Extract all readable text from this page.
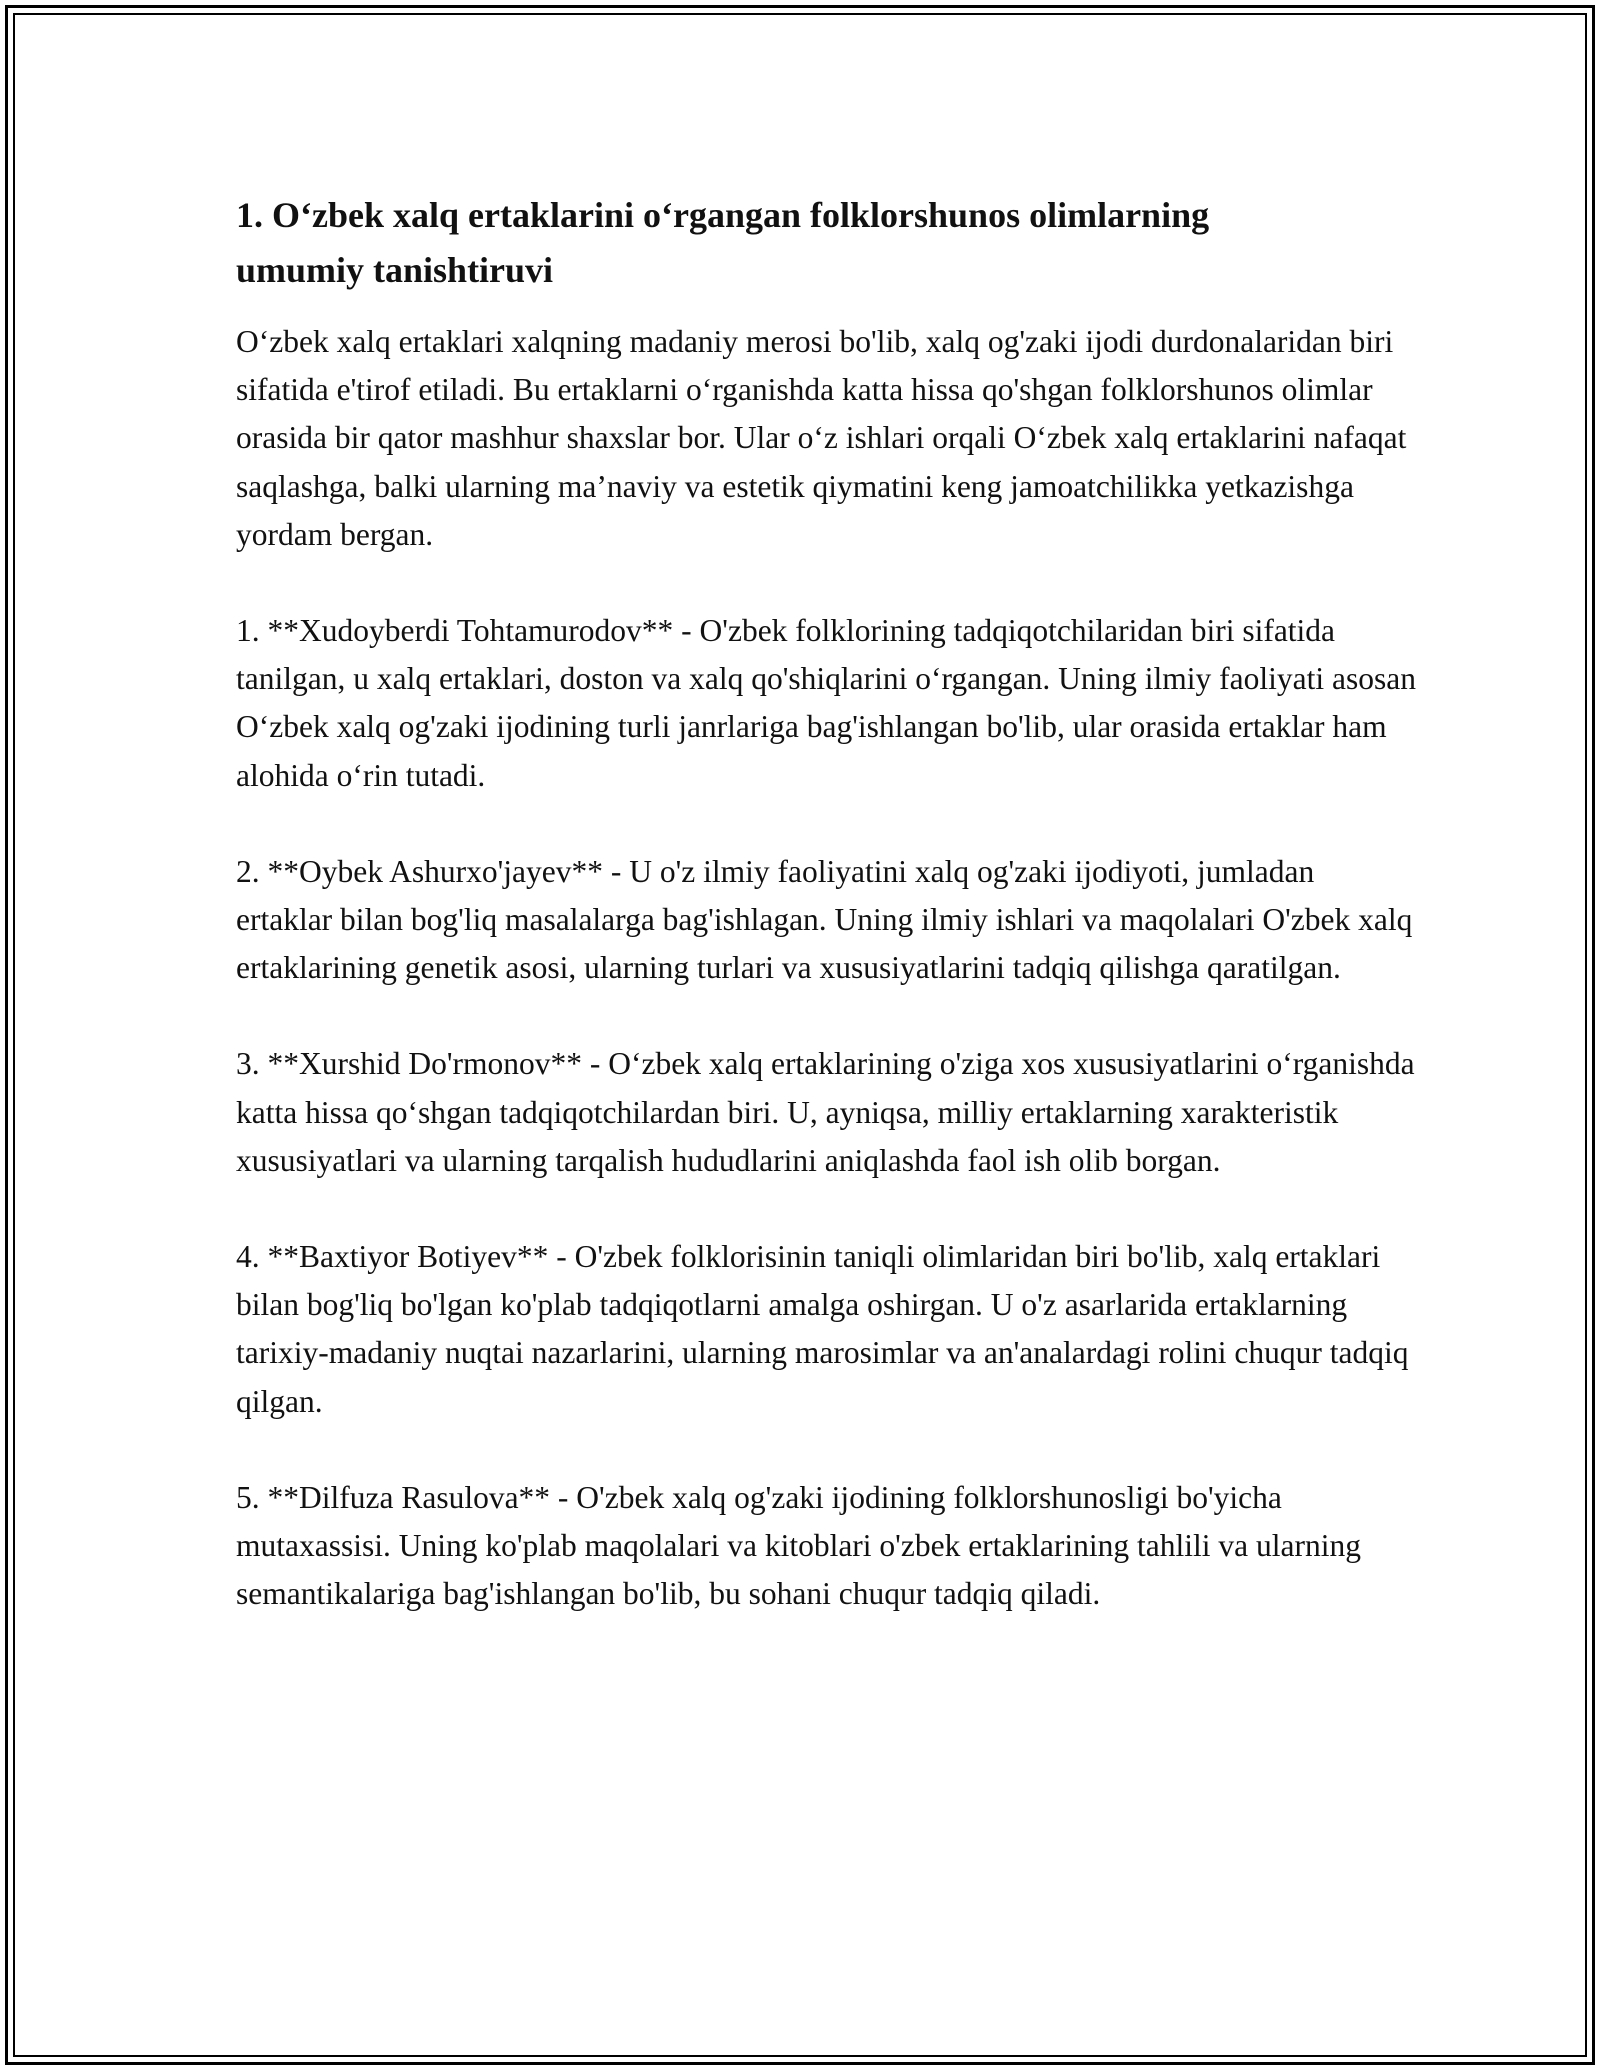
1. O‘zbek xalq ertaklarini o‘rgangan folklorshunos olimlarning umumiy tanishtiruvi

O‘zbek xalq ertaklari xalqning madaniy merosi bo'lib, xalq og'zaki ijodi durdonalaridan biri sifatida e'tirof etiladi. Bu ertaklarni o‘rganishda katta hissa qo'shgan folklorshunos olimlar orasida bir qator mashhur shaxslar bor. Ular o‘z ishlari orqali O‘zbek xalq ertaklarini nafaqat saqlashga, balki ularning ma’naviy va estetik qiymatini keng jamoatchilikka yetkazishga yordam bergan.

1. **Xudoyberdi Tohtamurodov** - O'zbek folklorining tadqiqotchilaridan biri sifatida tanilgan, u xalq ertaklari, doston va xalq qo'shiqlarini o‘rgangan. Uning ilmiy faoliyati asosan O‘zbek xalq og'zaki ijodining turli janrlariga bag'ishlangan bo'lib, ular orasida ertaklar ham alohida o‘rin tutadi.

2. **Oybek Ashurxo'jayev** - U o'z ilmiy faoliyatini xalq og'zaki ijodiyoti, jumladan ertaklar bilan bog'liq masalalarga bag'ishlagan. Uning ilmiy ishlari va maqolalari O'zbek xalq ertaklarining genetik asosi, ularning turlari va xususiyatlarini tadqiq qilishga qaratilgan.

3. **Xurshid Do'rmonov** - O‘zbek xalq ertaklarining o'ziga xos xususiyatlarini o‘rganishda katta hissa qo‘shgan tadqiqotchilardan biri. U, ayniqsa, milliy ertaklarning xarakteristik xususiyatlari va ularning tarqalish hududlarini aniqlashda faol ish olib borgan.

4. **Baxtiyor Botiyev** - O'zbek folklorisinin taniqli olimlaridan biri bo'lib, xalq ertaklari bilan bog'liq bo'lgan ko'plab tadqiqotlarni amalga oshirgan. U o'z asarlarida ertaklarning tarixiy-madaniy nuqtai nazarlarini, ularning marosimlar va an'analardagi rolini chuqur tadqiq qilgan.

5. **Dilfuza Rasulova** - O'zbek xalq og'zaki ijodining folklorshunosligi bo'yicha mutaxassisi. Uning ko'plab maqolalari va kitoblari o'zbek ertaklarining tahlili va ularning semantikalariga bag'ishlangan bo'lib, bu sohani chuqur tadqiq qiladi.
